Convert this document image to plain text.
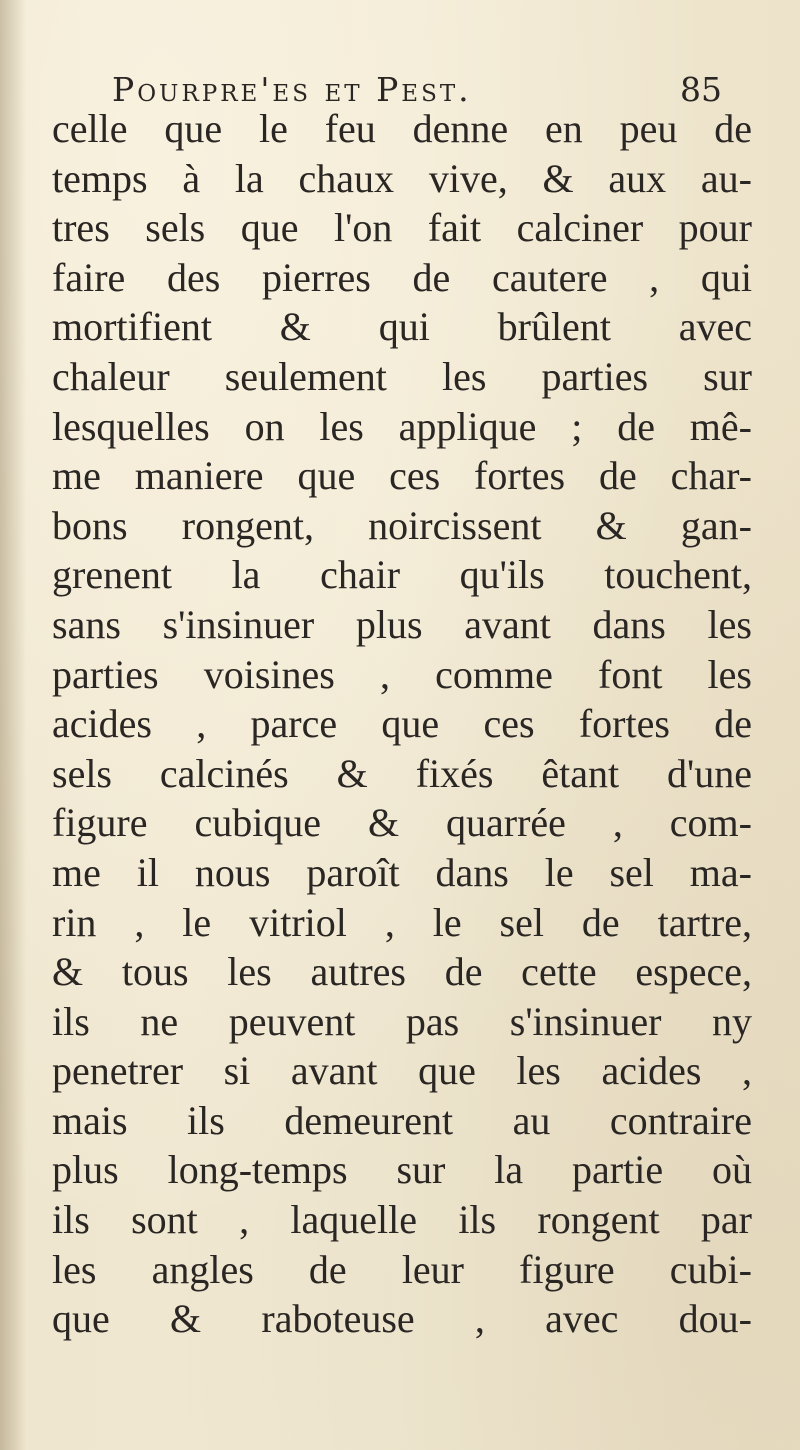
Pourpre'es et Pest.	85
celle que le feu denne en peu de
temps à la chaux vive, & aux au-
tres sels que l'on fait calciner pour
faire des pierres de cautere , qui
mortifient & qui brûlent avec
chaleur seulement les parties sur
lesquelles on les applique ; de mê-
me maniere que ces fortes de char-
bons rongent, noircissent & gan-
grenent la chair qu'ils touchent,
sans s'insinuer plus avant dans les
parties voisines , comme font les
acides , parce que ces fortes de
sels calcinés & fixés êtant d'une
figure cubique & quarrée , com-
me il nous paroît dans le sel ma-
rin , le vitriol , le sel de tartre,
& tous les autres de cette espece,
ils ne peuvent pas s'insinuer ny
penetrer si avant que les acides ,
mais ils demeurent au contraire
plus long-temps sur la partie où
ils sont , laquelle ils rongent par
les angles de leur figure cubi-
que & raboteuse , avec dou-
